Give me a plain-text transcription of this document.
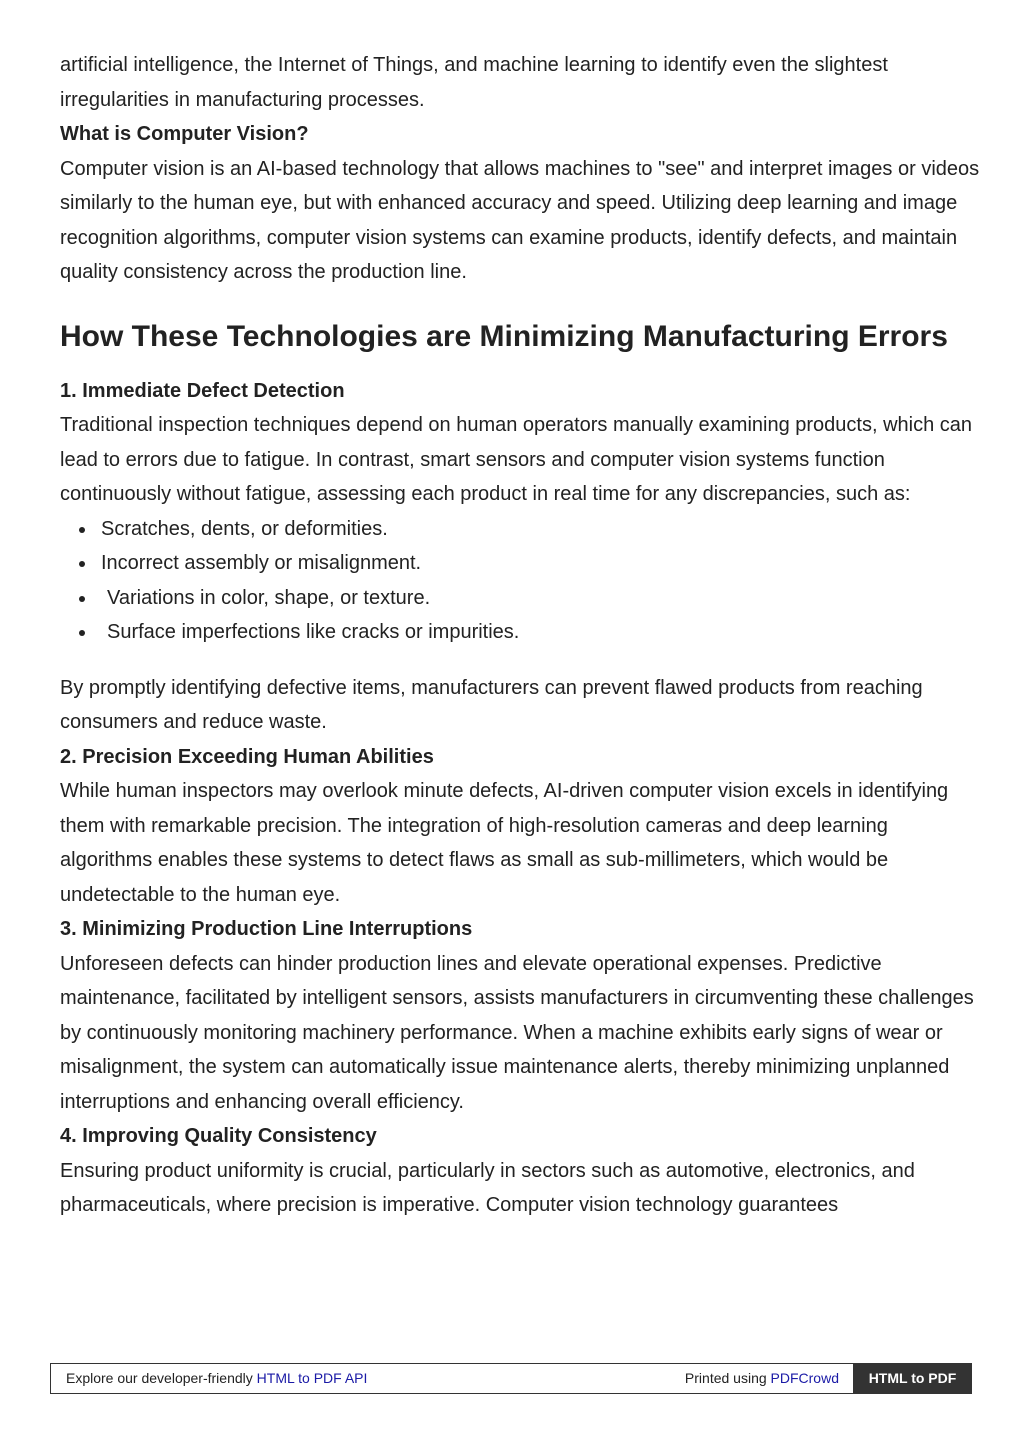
artificial intelligence, the Internet of Things, and machine learning to identify even the slightest irregularities in manufacturing processes.

What is Computer Vision?

Computer vision is an AI-based technology that allows machines to "see" and interpret images or videos similarly to the human eye, but with enhanced accuracy and speed. Utilizing deep learning and image recognition algorithms, computer vision systems can examine products, identify defects, and maintain quality consistency across the production line.

How These Technologies are Minimizing Manufacturing Errors
1. Immediate Defect Detection

Traditional inspection techniques depend on human operators manually examining products, which can lead to errors due to fatigue. In contrast, smart sensors and computer vision systems function continuously without fatigue, assessing each product in real time for any discrepancies, such as:

Scratches, dents, or deformities.
Incorrect assembly or misalignment.
Variations in color, shape, or texture.
Surface imperfections like cracks or impurities.

By promptly identifying defective items, manufacturers can prevent flawed products from reaching consumers and reduce waste.

2. Precision Exceeding Human Abilities

While human inspectors may overlook minute defects, AI-driven computer vision excels in identifying them with remarkable precision. The integration of high-resolution cameras and deep learning algorithms enables these systems to detect flaws as small as sub-millimeters, which would be undetectable to the human eye.

3. Minimizing Production Line Interruptions

Unforeseen defects can hinder production lines and elevate operational expenses. Predictive maintenance, facilitated by intelligent sensors, assists manufacturers in circumventing these challenges by continuously monitoring machinery performance. When a machine exhibits early signs of wear or misalignment, the system can automatically issue maintenance alerts, thereby minimizing unplanned interruptions and enhancing overall efficiency.

4. Improving Quality Consistency

Ensuring product uniformity is crucial, particularly in sectors such as automotive, electronics, and pharmaceuticals, where precision is imperative. Computer vision technology guarantees

Explore our developer-friendly HTML to PDF API	Printed using PDFCrowd	HTML to PDF
